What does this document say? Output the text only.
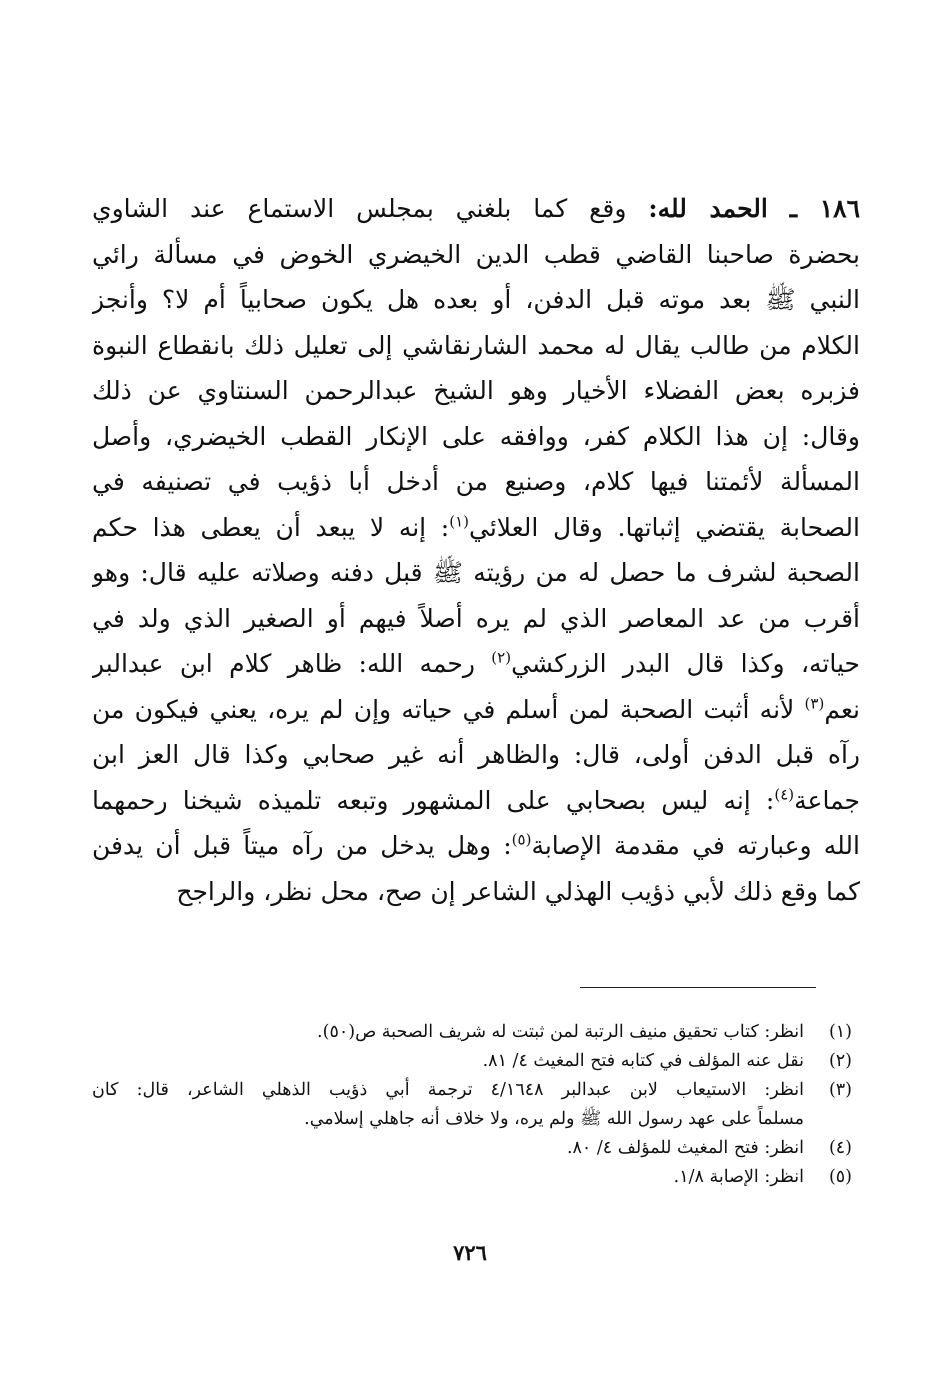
١٨٦ ـ الحمد لله: وقع كما بلغني بمجلس الاستماع عند الشاوي
بحضرة صاحبنا القاضي قطب الدين الخيضري الخوض في مسألة رائي
النبي ﷺ بعد موته قبل الدفن، أو بعده هل يكون صحابياً أم لا؟ وأنجز
الكلام من طالب يقال له محمد الشارنقاشي إلى تعليل ذلك بانقطاع النبوة
فزبره بعض الفضلاء الأخيار وهو الشيخ عبدالرحمن السنتاوي عن ذلك
وقال: إن هذا الكلام كفر، ووافقه على الإنكار القطب الخيضري، وأصل
المسألة لأئمتنا فيها كلام، وصنيع من أدخل أبا ذؤيب في تصنيفه في
الصحابة يقتضي إثباتها. وقال العلائي$^{(١)}$: إنه لا يبعد أن يعطى هذا حكم
الصحبة لشرف ما حصل له من رؤيته ﷺ قبل دفنه وصلاته عليه قال: وهو
أقرب من عد المعاصر الذي لم يره أصلاً فيهم أو الصغير الذي ولد في
حياته، وكذا قال البدر الزركشي$^{(٢)}$ رحمه الله: ظاهر كلام ابن عبدالبر
نعم$^{(٣)}$ لأنه أثبت الصحبة لمن أسلم في حياته وإن لم يره، يعني فيكون من
رآه قبل الدفن أولى، قال: والظاهر أنه غير صحابي وكذا قال العز ابن
جماعة$^{(٤)}$: إنه ليس بصحابي على المشهور وتبعه تلميذه شيخنا رحمهما
الله وعبارته في مقدمة الإصابة$^{(٥)}$: وهل يدخل من رآه ميتاً قبل أن يدفن
كما وقع ذلك لأبي ذؤيب الهذلي الشاعر إن صح، محل نظر، والراجح
(١)
انظر: كتاب تحقيق منيف الرتبة لمن ثبتت له شريف الصحبة ص(٥٠).
(٢)
نقل عنه المؤلف في كتابه فتح المغيث ٤/ ٨١.
(٣)
انظر: الاستيعاب لابن عبدالبر ٤/١٦٤٨ ترجمة أبي ذؤيب الذهلي الشاعر، قال: كان
مسلماً على عهد رسول الله ﷺ ولم يره، ولا خلاف أنه جاهلي إسلامي.
(٤)
انظر: فتح المغيث للمؤلف ٤/ ٨٠.
(٥)
انظر: الإصابة ١/٨.
٧٢٦
